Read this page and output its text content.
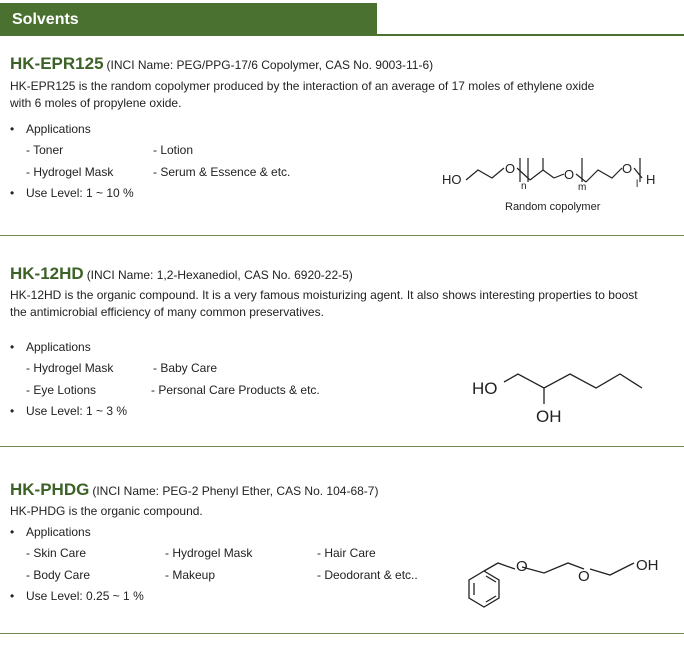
Solvents
HK-EPR125 (INCI Name: PEG/PPG-17/6 Copolymer, CAS No. 9003-11-6)
HK-EPR125 is the random copolymer produced by the interaction of an average of 17 moles of ethylene oxide
with 6 moles of propylene oxide.
• Applications
- Toner	- Lotion
- Hydrogel Mask	- Serum & Essence & etc.
• Use Level: 1 ~ 10 %
HO
O	O	O
n	m	l H
Random copolymer
HK-12HD (INCI Name: 1,2-Hexanediol, CAS No. 6920-22-5)
HK-12HD is the organic compound. It is a very famous moisturizing agent. It also shows interesting properties to boost
the antimicrobial efficiency of many common preservatives.
• Applications
- Hydrogel Mask	- Baby Care
- Eye Lotions	- Personal Care Products & etc.
• Use Level: 1 ~ 3 %
HO
OH
HK-PHDG (INCI Name: PEG-2 Phenyl Ether, CAS No. 104-68-7)
HK-PHDG is the organic compound.
• Applications
- Skin Care	- Hydrogel Mask	- Hair Care
- Body Care	- Makeup	- Deodorant & etc..
• Use Level: 0.25 ~ 1 %
O
O
OH
